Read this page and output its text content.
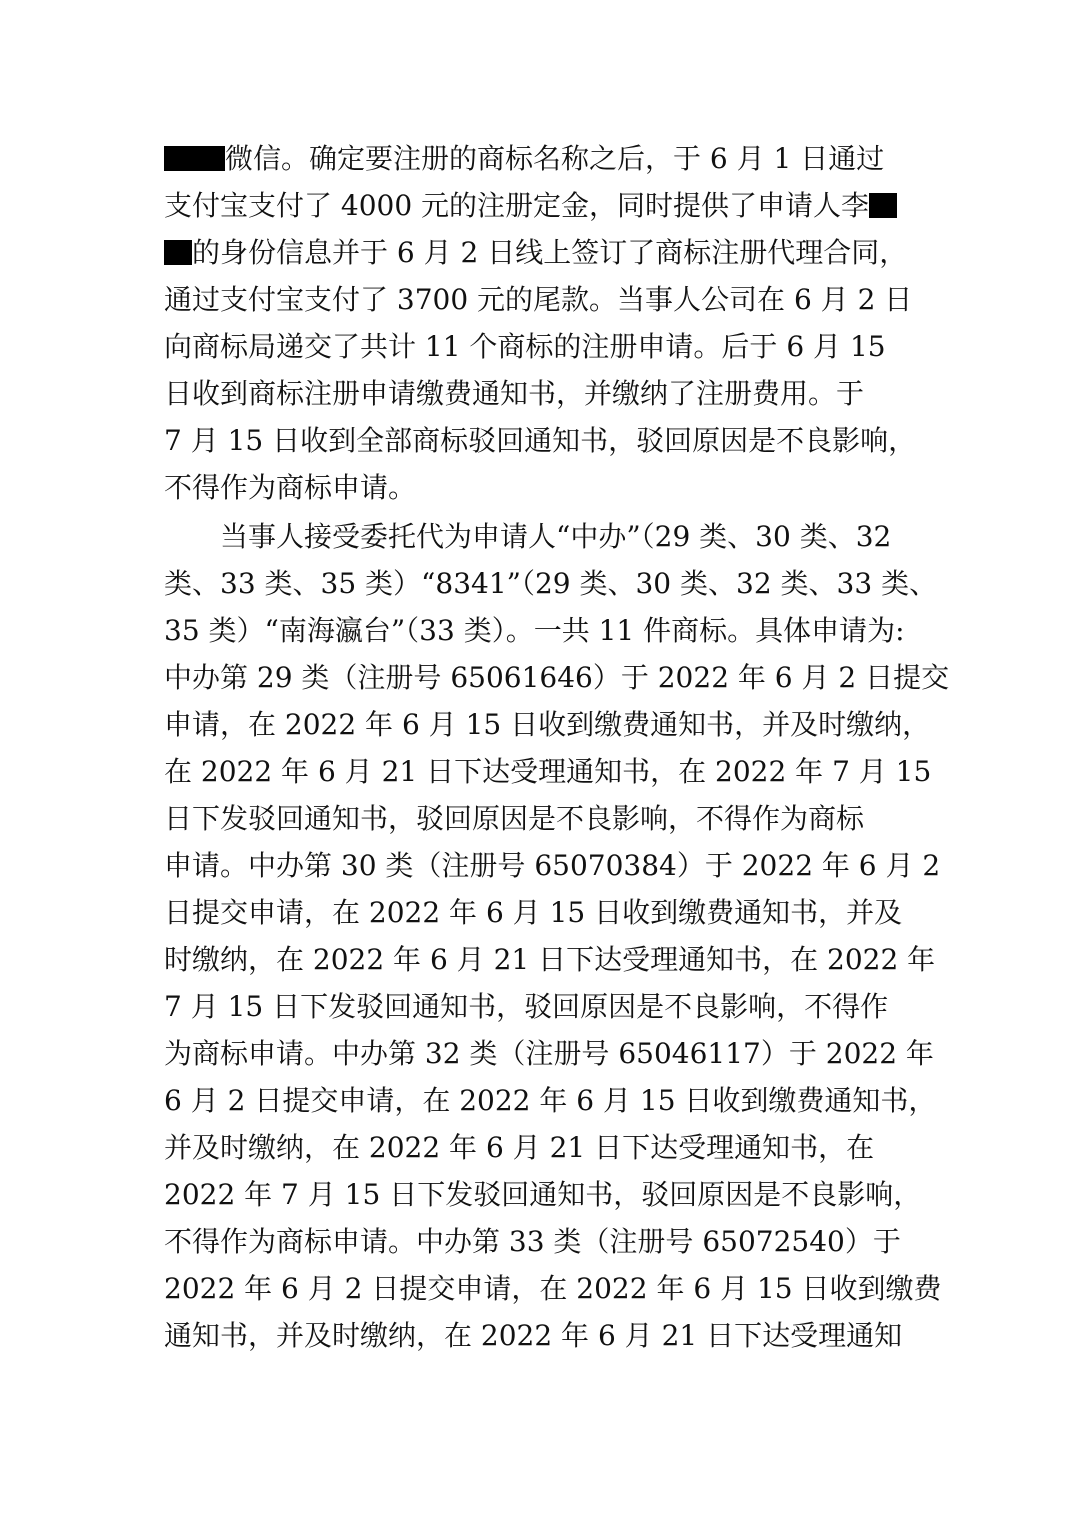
微信。确定要注册的商标名称之后，于 6 月 1 日通过
支付宝支付了 4000 元的注册定金，同时提供了申请人李
的身份信息并于 6 月 2 日线上签订了商标注册代理合同，
通过支付宝支付了 3700 元的尾款。当事人公司在 6 月 2 日
向商标局递交了共计 11 个商标的注册申请。后于 6 月 15
日收到商标注册申请缴费通知书，并缴纳了注册费用。于
7 月 15 日收到全部商标驳回通知书，驳回原因是不良影响，
不得作为商标申请。
当事人接受委托代为申请人“中办”（29 类、30 类、32
类、33 类、35 类）“8341”（29 类、30 类、32 类、33 类、
35 类）“南海瀛台”（33 类）。一共 11 件商标。具体申请为:
中办第 29 类（注册号 65061646）于 2022 年 6 月 2 日提交
申请，在 2022 年 6 月 15 日收到缴费通知书，并及时缴纳，
在 2022 年 6 月 21 日下达受理通知书，在 2022 年 7 月 15
日下发驳回通知书，驳回原因是不良影响，不得作为商标
申请。中办第 30 类（注册号 65070384）于 2022 年 6 月 2
日提交申请，在 2022 年 6 月 15 日收到缴费通知书，并及
时缴纳，在 2022 年 6 月 21 日下达受理通知书，在 2022 年
7 月 15 日下发驳回通知书，驳回原因是不良影响，不得作
为商标申请。中办第 32 类（注册号 65046117）于 2022 年
6 月 2 日提交申请，在 2022 年 6 月 15 日收到缴费通知书，
并及时缴纳，在 2022 年 6 月 21 日下达受理通知书，在
2022 年 7 月 15 日下发驳回通知书，驳回原因是不良影响，
不得作为商标申请。中办第 33 类（注册号 65072540）于
2022 年 6 月 2 日提交申请，在 2022 年 6 月 15 日收到缴费
通知书，并及时缴纳，在 2022 年 6 月 21 日下达受理通知
